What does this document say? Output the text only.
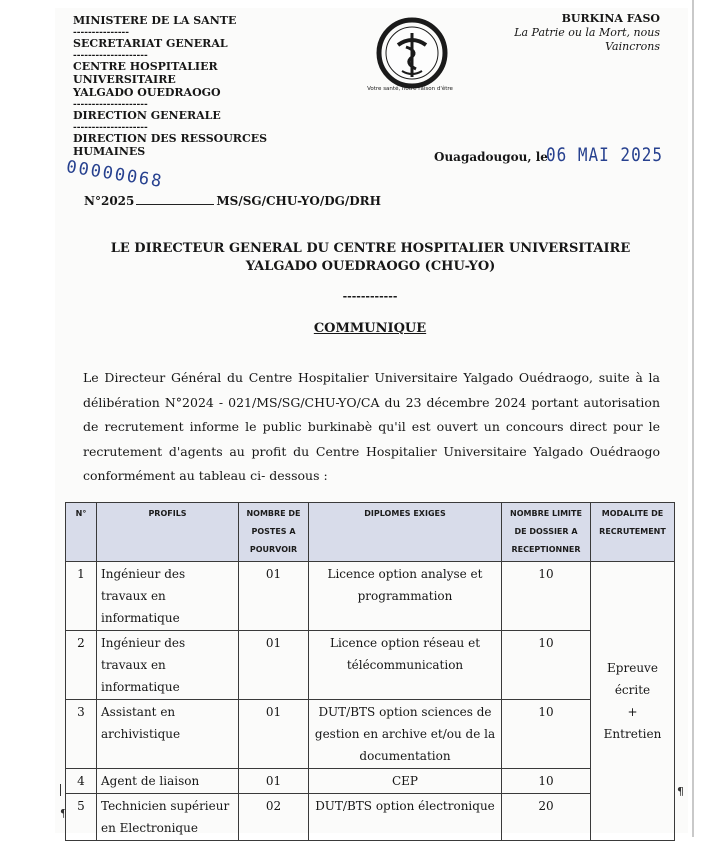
MINISTERE DE LA SANTE
---------------
SECRETARIAT GENERAL
--------------------
CENTRE HOSPITALIER UNIVERSITAIRE
YALGADO OUEDRAOGO
--------------------
DIRECTION GENERALE
--------------------
DIRECTION DES RESSOURCES HUMAINES
BURKINA FASO
La Patrie ou la Mort, nous Vaincrons
Votre santé, notre raison d'être
Ouagadougou, le
06 MAI 2025
00000068
N°2025	MS/SG/CHU-YO/DG/DRH
LE DIRECTEUR GENERAL DU CENTRE HOSPITALIER UNIVERSITAIRE YALGADO OUEDRAOGO (CHU-YO)
------------
COMMUNIQUE
Le Directeur Général du Centre Hospitalier Universitaire Yalgado Ouédraogo, suite à la délibération N°2024 - 021/MS/SG/CHU-YO/CA du 23 décembre 2024 portant autorisation de recrutement informe le public burkinabè qu'il est ouvert un concours direct pour le recrutement d'agents au profit du Centre Hospitalier Universitaire Yalgado Ouédraogo conformément au tableau ci- dessous :
N°	PROFILS	NOMBRE DE POSTES A POURVOIR	DIPLOMES EXIGES	NOMBRE LIMITE DE DOSSIER A RECEPTIONNER	MODALITE DE RECRUTEMENT
1	Ingénieur des travaux en informatique	01	Licence option analyse et programmation	10	Epreuve
écrite
+
Entretien

2	Ingénieur des travaux en informatique	01	Licence option réseau et télécommunication	10	
3	Assistant en archivistique	01	DUT/BTS option sciences de gestion en archive et/ou de la documentation	10	
4	Agent de liaison	01	CEP	10	
5	Technicien supérieur en Electronique	02	DUT/BTS option électronique	20	
¶
¶
